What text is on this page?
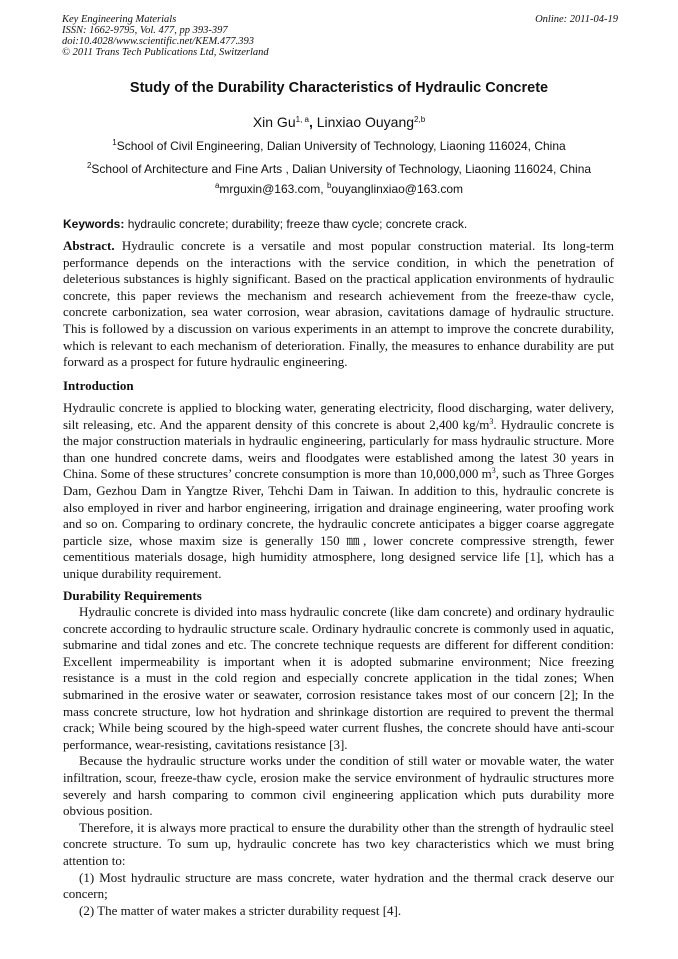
Key Engineering Materials
ISSN: 1662-9795, Vol. 477, pp 393-397
doi:10.4028/www.scientific.net/KEM.477.393
© 2011 Trans Tech Publications Ltd, Switzerland
Online: 2011-04-19
Study of the Durability Characteristics of Hydraulic Concrete
Xin Gu$^{1, a}$, Linxiao Ouyang$^{2,b}$
$^1$School of Civil Engineering, Dalian University of Technology, Liaoning 116024, China
$^2$School of Architecture and Fine Arts , Dalian University of Technology, Liaoning 116024, China
$^a$mrguxin@163.com, $^b$ouyanglinxiao@163.com
Keywords: hydraulic concrete; durability; freeze thaw cycle; concrete crack.
Abstract. Hydraulic concrete is a versatile and most popular construction material. Its long-term performance depends on the interactions with the service condition, in which the penetration of deleterious substances is highly significant. Based on the practical application environments of hydraulic concrete, this paper reviews the mechanism and research achievement from the freeze-thaw cycle, concrete carbonization, sea water corrosion, wear abrasion, cavitations damage of hydraulic structure. This is followed by a discussion on various experiments in an attempt to improve the concrete durability, which is relevant to each mechanism of deterioration. Finally, the measures to enhance durability are put forward as a prospect for future hydraulic engineering.
Introduction
Hydraulic concrete is applied to blocking water, generating electricity, flood discharging, water delivery, silt releasing, etc. And the apparent density of this concrete is about 2,400 $kg/m^3$. Hydraulic concrete is the major construction materials in hydraulic engineering, particularly for mass hydraulic structure. More than one hundred concrete dams, weirs and floodgates were established among the latest 30 years in China. Some of these structures’ concrete consumption is more than 10,000,000 $m^3$, such as Three Gorges Dam, Gezhou Dam in Yangtze River, Tehchi Dam in Taiwan. In addition to this, hydraulic concrete is also employed in river and harbor engineering, irrigation and drainage engineering, water proofing work and so on. Comparing to ordinary concrete, the hydraulic concrete anticipates a bigger coarse aggregate particle size, whose maxim size is generally 150 ㎜, lower concrete compressive strength, fewer cementitious materials dosage, high humidity atmosphere, long designed service life [1], which has a unique durability requirement.
Durability Requirements

Hydraulic concrete is divided into mass hydraulic concrete (like dam concrete) and ordinary hydraulic concrete according to hydraulic structure scale. Ordinary hydraulic concrete is commonly used in aquatic, submarine and tidal zones and etc. The concrete technique requests are different for different condition: Excellent impermeability is important when it is adopted submarine environment; Nice freezing resistance is a must in the cold region and especially concrete application in the tidal zones; When submarined in the erosive water or seawater, corrosion resistance takes most of our concern [2]; In the mass concrete structure, low hot hydration and shrinkage distortion are required to prevent the thermal crack; While being scoured by the high-speed water current flushes, the concrete should have anti-scour performance, wear-resisting, cavitations resistance [3].

Because the hydraulic structure works under the condition of still water or movable water, the water infiltration, scour, freeze-thaw cycle, erosion make the service environment of hydraulic structures more severely and harsh comparing to common civil engineering application which puts durability more obvious position.

Therefore, it is always more practical to ensure the durability other than the strength of hydraulic steel concrete structure. To sum up, hydraulic concrete has two key characteristics which we must bring attention to:

(1) Most hydraulic structure are mass concrete, water hydration and the thermal crack deserve our concern;

(2) The matter of water makes a stricter durability request [4].
